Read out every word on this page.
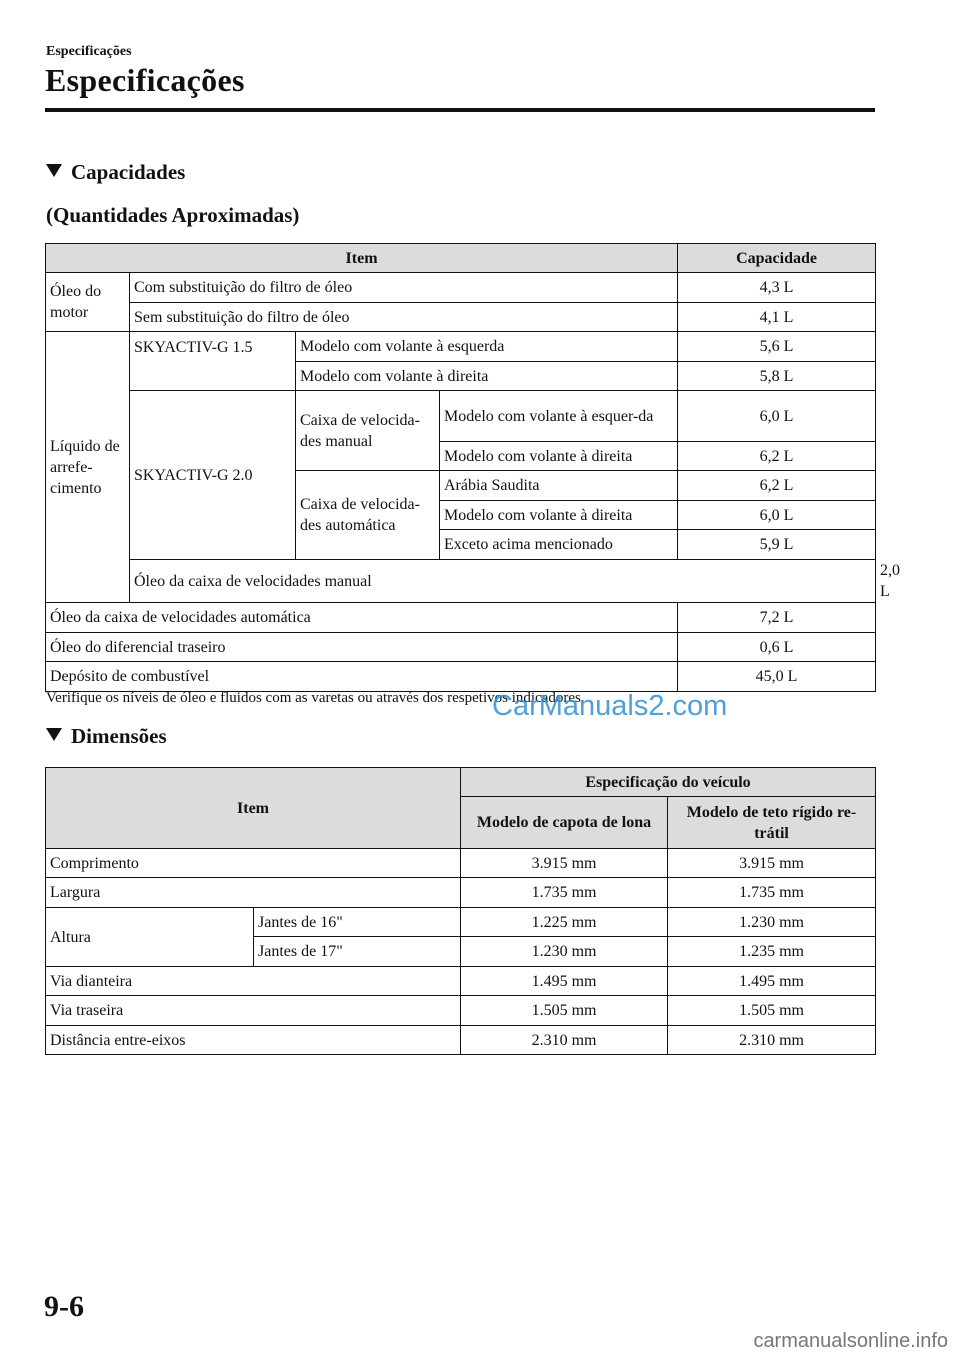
Especificações
Especificações
Capacidades
(Quantidades Aproximadas)
Item				Capacidade	
Óleo do motor	Com substituição do filtro de óleo			4,3 L	
	Sem substituição do filtro de óleo			4,1 L	
Líquido de arrefe-cimento	SKYACTIV-G 1.5	Modelo com volante à esquerda		5,6 L	
		Modelo com volante à direita		5,8 L	
	SKYACTIV-G 2.0	Caixa de velocida-des manual	Modelo com volante à esquer-da	6,0 L	
			Modelo com volante à direita	6,2 L	
		Caixa de velocida-des automática	Arábia Saudita	6,2 L	
			Modelo com volante à direita	6,0 L	
			Exceto acima mencionado	5,9 L	
	Óleo da caixa de velocidades manual				2,0 L
Óleo da caixa de velocidades automática				7,2 L	
Óleo do diferencial traseiro				0,6 L	
Depósito de combustível				45,0 L	
Verifique os níveis de óleo e fluidos com as varetas ou através dos respetivos indicadores.
CarManuals2.com
Dimensões
Item		Especificação do veículo	
		Modelo de capota de lona	Modelo de teto rígido re-trátil
Comprimento		3.915 mm	3.915 mm
Largura		1.735 mm	1.735 mm
Altura	Jantes de 16"	1.225 mm	1.230 mm
	Jantes de 17"	1.230 mm	1.235 mm
Via dianteira		1.495 mm	1.495 mm
Via traseira		1.505 mm	1.505 mm
Distância entre-eixos		2.310 mm	2.310 mm
9-6
carmanualsonline.info
